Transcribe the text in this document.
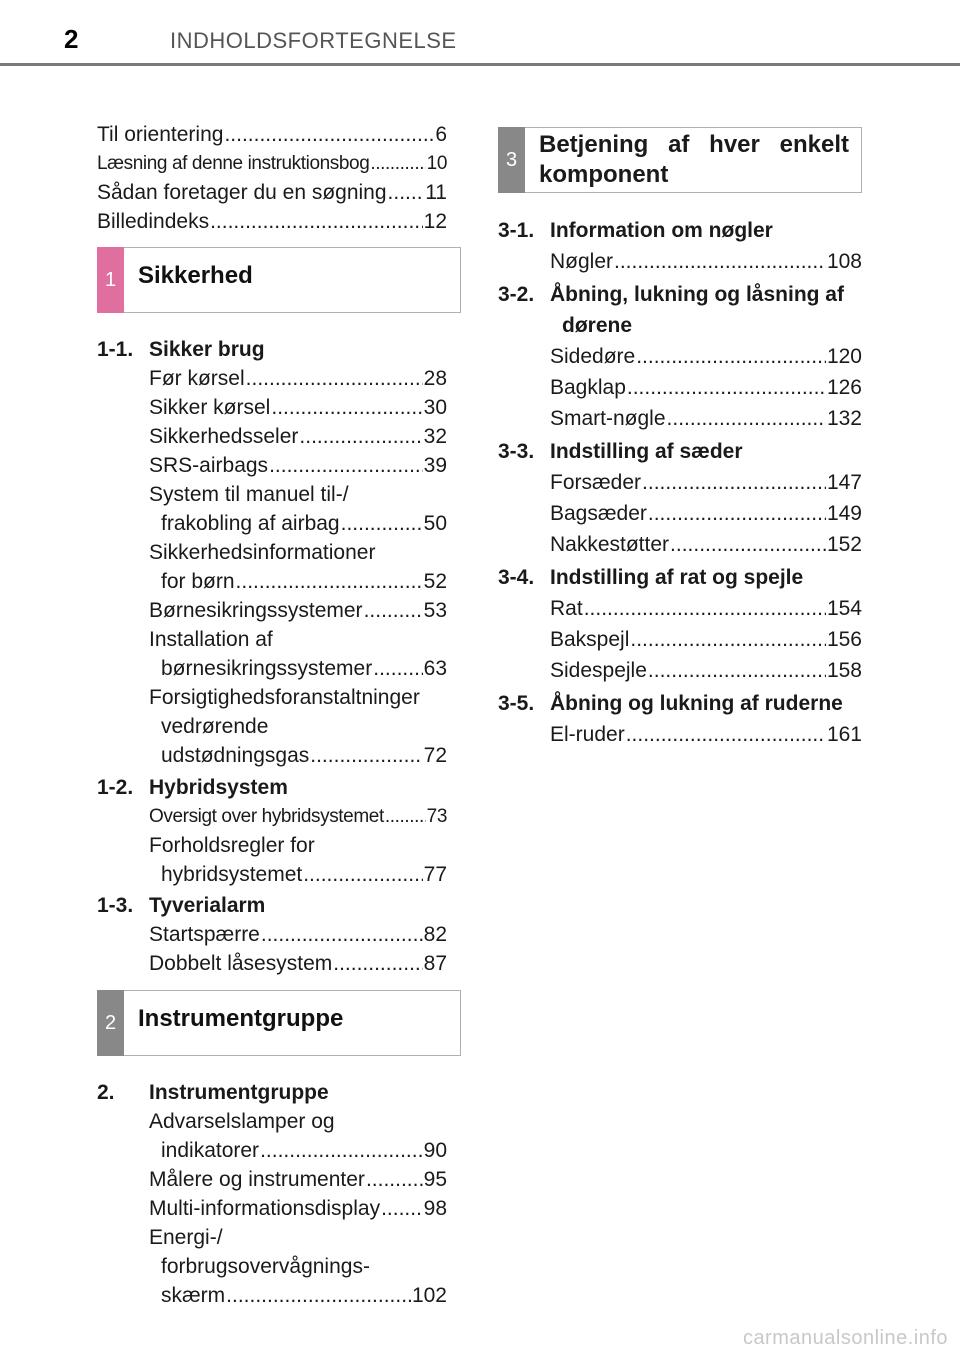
2	INDHOLDSFORTEGNELSE
Til orientering .....	6
Læsning af denne instruktionsbog .....	10
Sådan foretager du en søgning ..... 11
Billedindeks .....	12
1 Sikkerhed
1-1. Sikker brug
Før kørsel .....	28
Sikker kørsel .....	30
Sikkerhedsseler .....	32
SRS-airbags .....	39
System til manuel til-/
frakobling af airbag .....	50
Sikkerhedsinformationer
for børn .....	52
Børnesikringssystemer .....	53
Installation af
børnesikringssystemer ..... 63
Forsigtighedsforanstaltninger
vedrørende
udstødningsgas .....	72
1-2. Hybridsystem
Oversigt over hybridsystemet ..... 73
Forholdsregler for
hybridsystemet .....	77
1-3. Tyverialarm
Startspærre .....	82
Dobbelt låsesystem .....	87
2 Instrumentgruppe
2.	Instrumentgruppe
Advarselslamper og
indikatorer .....	90
Målere og instrumenter .....	95
Multi-informationsdisplay ..... 98
Energi-/
forbrugsovervågnings-
skærm .....	102
3
Betjening af hver enkelt komponent
3-1. Information om nøgler
Nøgler .....	108
3-2. Åbning, lukning og låsning af
dørene
Sidedøre .....	120
Bagklap .....	126
Smart-nøgle .....	132
3-3. Indstilling af sæder
Forsæder .....	147
Bagsæder .....	149
Nakkestøtter .....	152
3-4. Indstilling af rat og spejle
Rat .....	154
Bakspejl .....	156
Sidespejle .....	158
3-5. Åbning og lukning af ruderne
El-ruder .....	161
carmanualsonline.info
